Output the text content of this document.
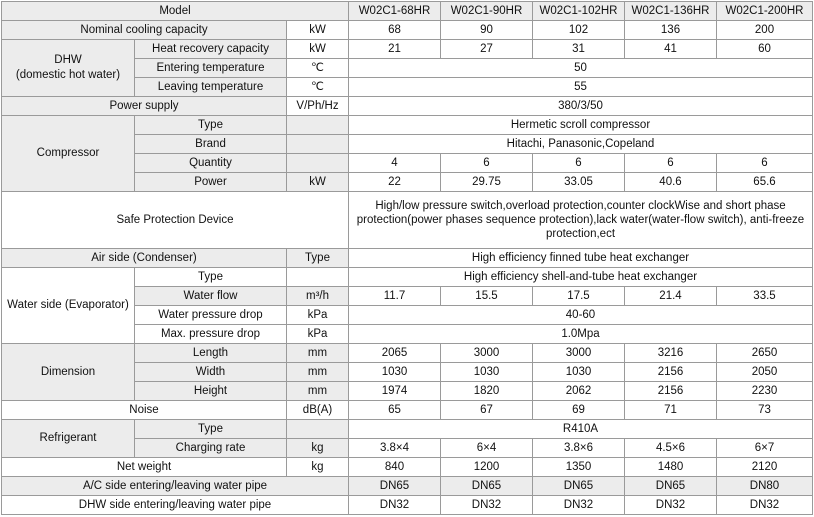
Model			W02C1-68HR	W02C1-90HR	W02C1-102HR	W02C1-136HR	W02C1-200HR
Nominal cooling capacity		kW	68	90	102	136	200
DHW
(domestic hot water)	Heat recovery capacity	kW	21	27	31	41	60
	Entering temperature	℃	50				
	Leaving temperature	℃	55				
Power supply		V/Ph/Hz	380/3/50				
Compressor	Type		Hermetic scroll compressor				
	Brand		Hitachi, Panasonic,Copeland				
	Quantity		4	6	6	6	6
	Power	kW	22	29.75	33.05	40.6	65.6
Safe Protection Device			High/low pressure switch,overload protection,counter clockWise and short phase protection(power phases sequence protection),lack water(water-flow switch), anti-freeze protection,ect				
Air side (Condenser)		Type	High efficiency finned tube heat exchanger				
Water side (Evaporator)	Type		High efficiency shell-and-tube heat exchanger				
	Water flow	m³/h	11.7	15.5	17.5	21.4	33.5
	Water pressure drop	kPa	40-60				
	Max. pressure drop	kPa	1.0Mpa				
Dimension	Length	mm	2065	3000	3000	3216	2650
	Width	mm	1030	1030	1030	2156	2050
	Height	mm	1974	1820	2062	2156	2230
Noise		dB(A)	65	67	69	71	73
Refrigerant	Type		R410A				
	Charging rate	kg	3.8×4	6×4	3.8×6	4.5×6	6×7
Net weight		kg	840	1200	1350	1480	2120
A/C side entering/leaving water pipe			DN65	DN65	DN65	DN65	DN80
DHW side entering/leaving water pipe			DN32	DN32	DN32	DN32	DN32
